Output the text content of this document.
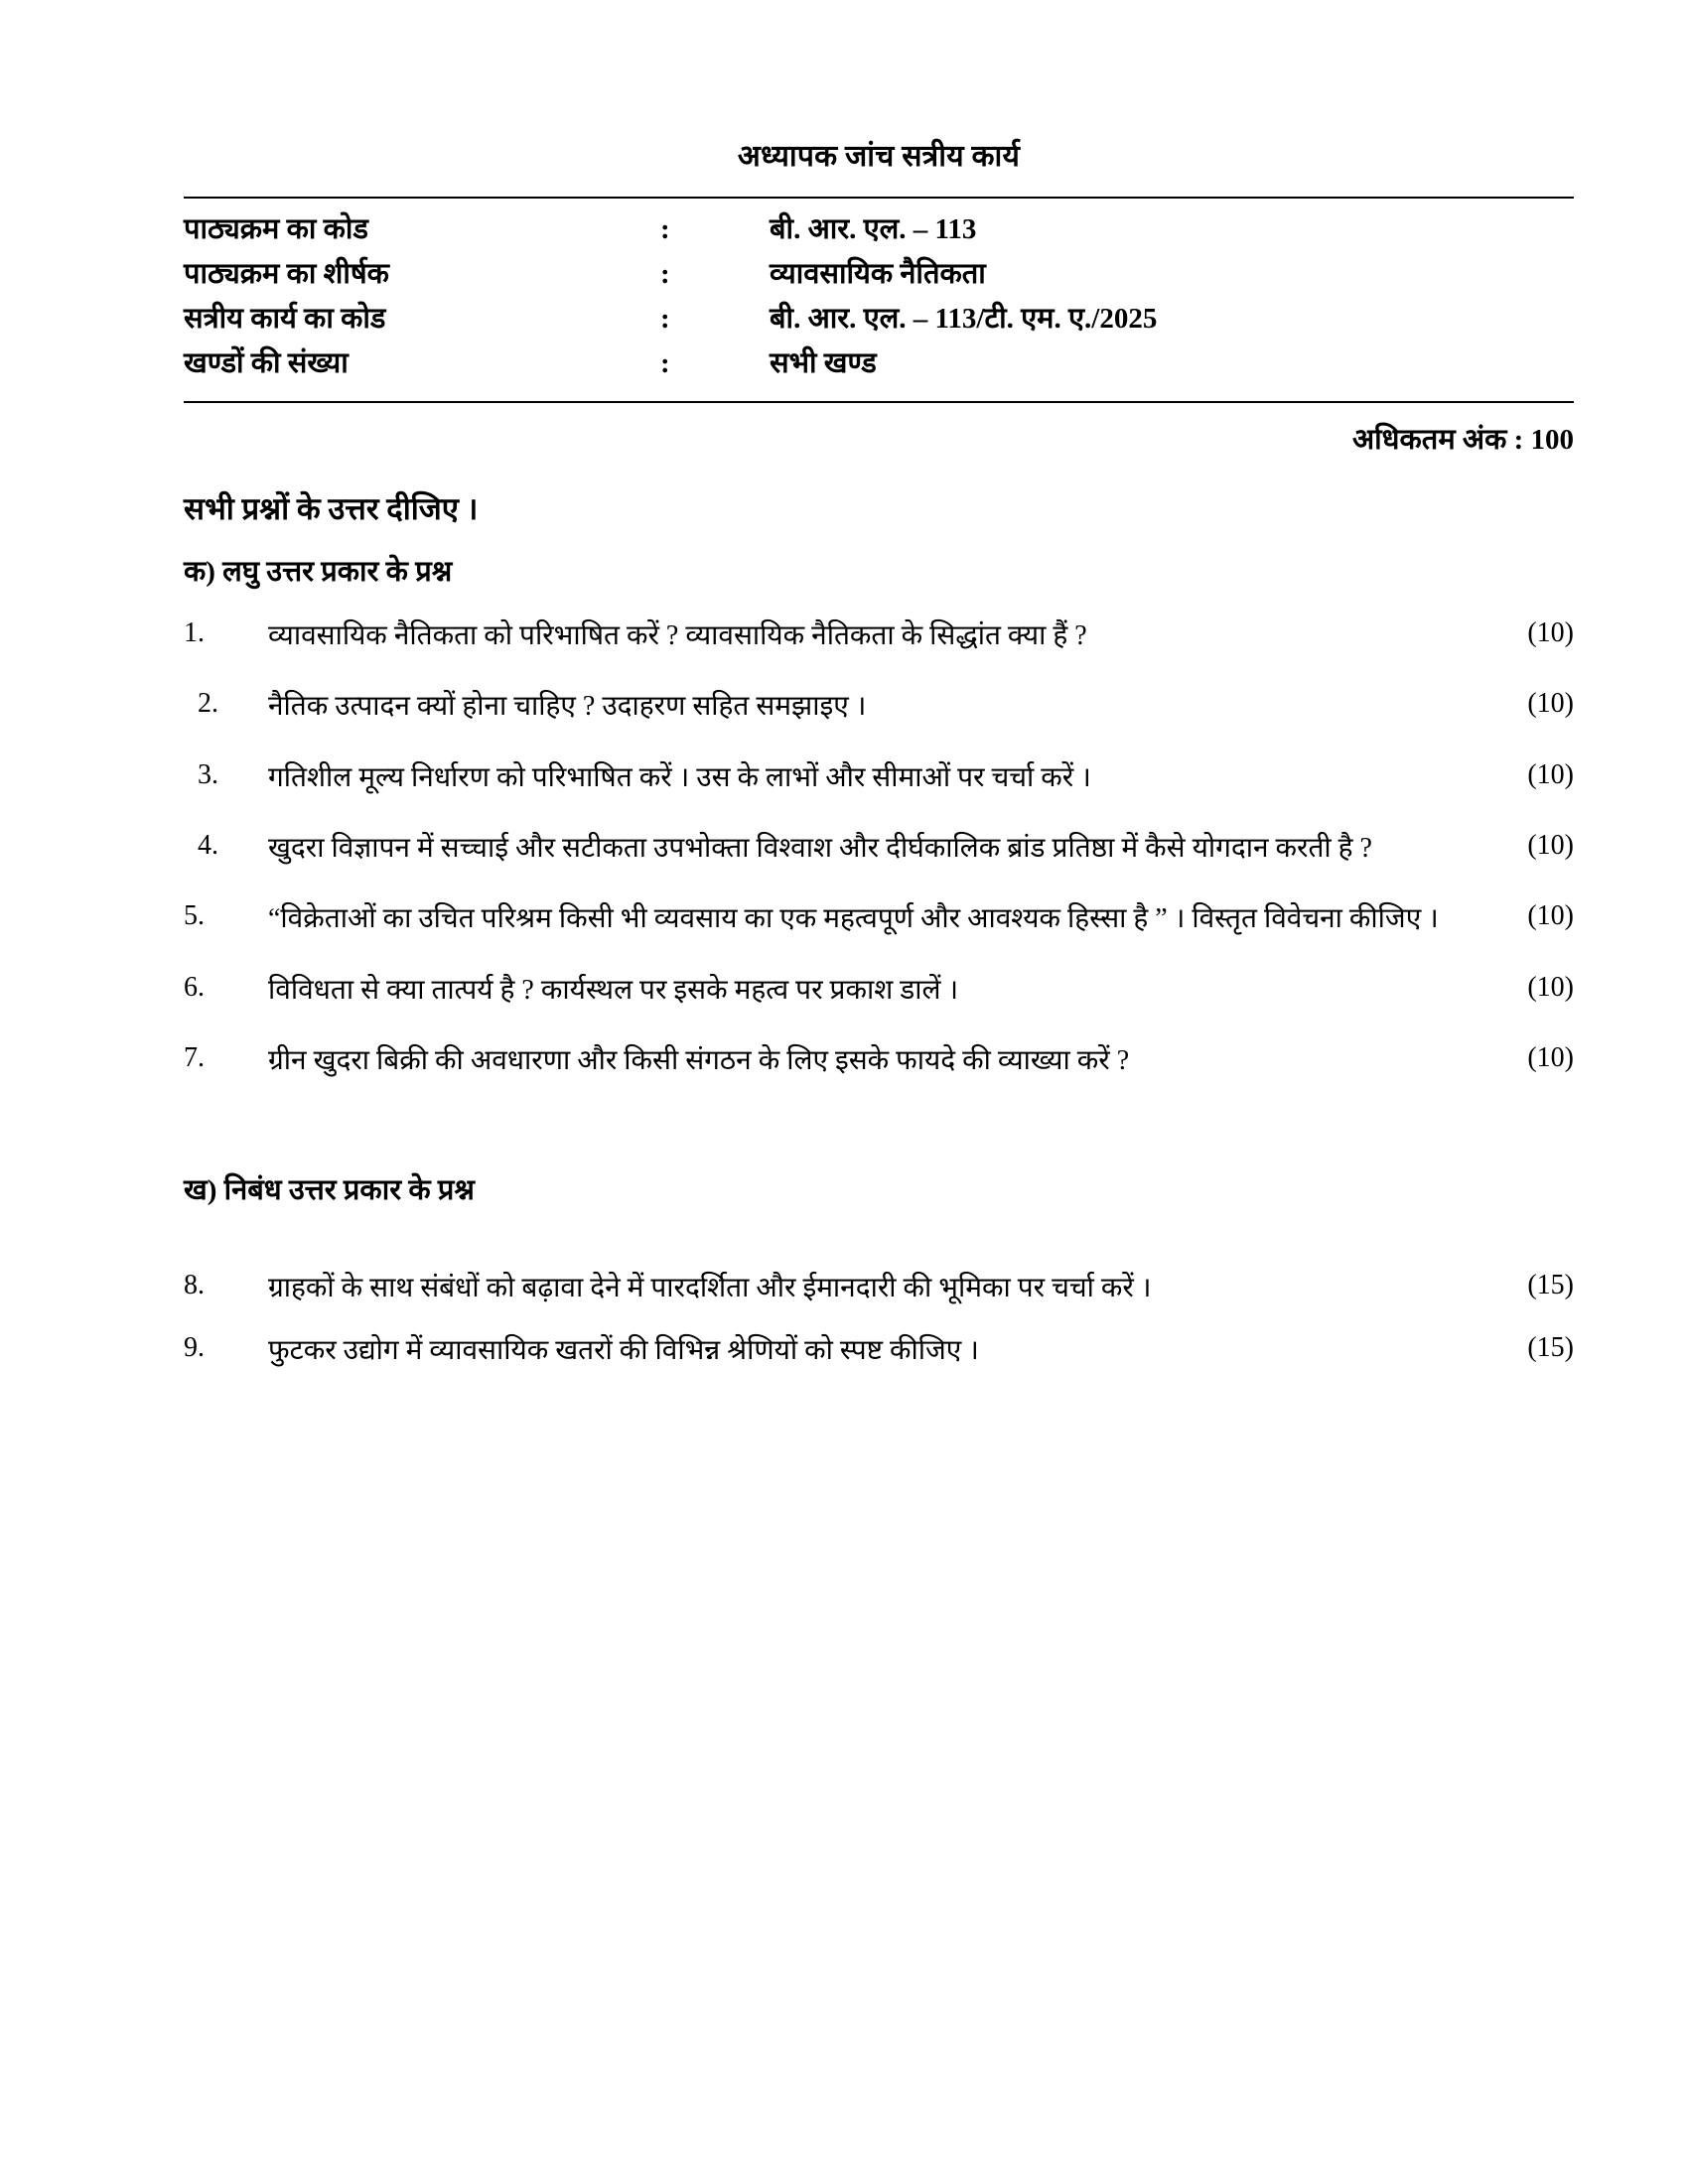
अध्यापक जांच सत्रीय कार्य
पाठ्यक्रम का कोड	:	बी. आर. एल. – 113
पाठ्यक्रम का शीर्षक	:	व्यावसायिक नैतिकता
सत्रीय कार्य का कोड	:	बी. आर. एल. – 113/टी. एम. ए./2025
खण्डों की संख्या	:	सभी खण्ड
अधिकतम अंक : 100
सभी प्रश्नों के उत्तर दीजिए ।
क) लघु उत्तर प्रकार के प्रश्न
1.	व्यावसायिक नैतिकता को परिभाषित करें ? व्यावसायिक नैतिकता के सिद्धांत क्या हैं ?	(10)
2.	नैतिक उत्पादन क्यों होना चाहिए ? उदाहरण सहित समझाइए ।	(10)
3.	गतिशील मूल्य निर्धारण को परिभाषित करें । उस के लाभों और सीमाओं पर चर्चा करें ।	(10)
4.	खुदरा विज्ञापन में सच्चाई और सटीकता उपभोक्ता विश्वाश और दीर्घकालिक ब्रांड प्रतिष्ठा में कैसे योगदान करती है ?	(10)
5.	“विक्रेताओं का उचित परिश्रम किसी भी व्यवसाय का एक महत्वपूर्ण और आवश्यक हिस्सा है ” । विस्तृत विवेचना कीजिए ।	(10)
6.	विविधता से क्या तात्पर्य है ? कार्यस्थल पर इसके महत्व पर प्रकाश डालें ।	(10)
7.	ग्रीन खुदरा बिक्री की अवधारणा और किसी संगठन के लिए इसके फायदे की व्याख्या करें ?	(10)
ख) निबंध उत्तर प्रकार के प्रश्न
8.	ग्राहकों के साथ संबंधों को बढ़ावा देने में पारदर्शिता और ईमानदारी की भूमिका पर चर्चा करें ।	(15)
9.	फुटकर उद्योग में व्यावसायिक खतरों की विभिन्न श्रेणियों को स्पष्ट कीजिए ।	(15)
